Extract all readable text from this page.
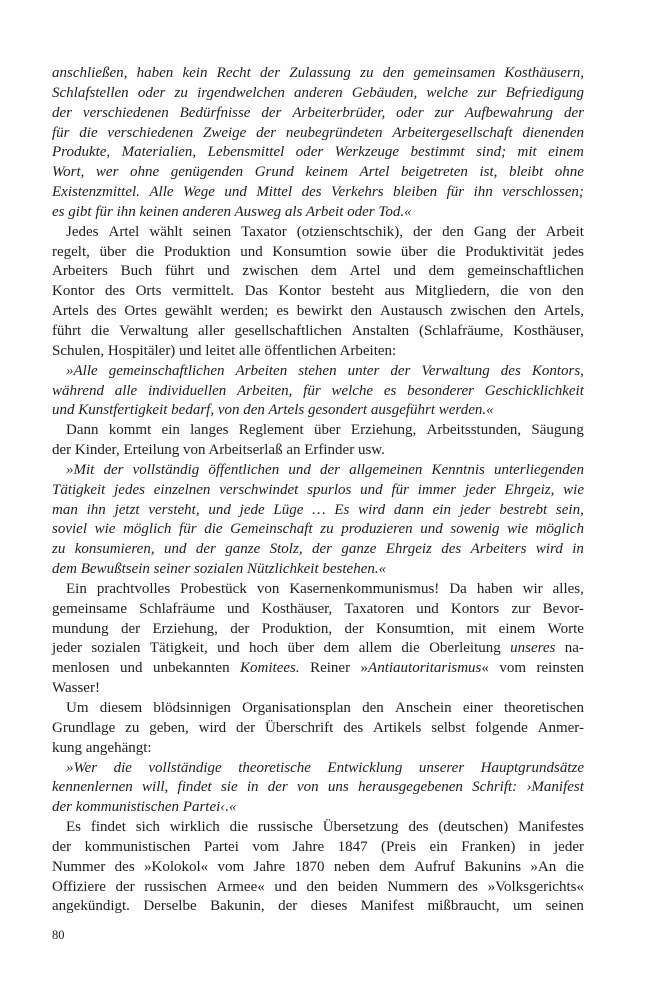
anschließen, haben kein Recht der Zulassung zu den gemeinsamen Kosthäusern,
Schlafstellen oder zu irgendwelchen anderen Gebäuden, welche zur Befriedigung
der verschiedenen Bedürfnisse der Arbeiterbrüder, oder zur Aufbewahrung der
für die verschiedenen Zweige der neubegründeten Arbeitergesellschaft dienenden
Produkte, Materialien, Lebensmittel oder Werkzeuge bestimmt sind; mit einem
Wort, wer ohne genügenden Grund keinem Artel beigetreten ist, bleibt ohne
Existenzmittel. Alle Wege und Mittel des Verkehrs bleiben für ihn verschlossen;
es gibt für ihn keinen anderen Ausweg als Arbeit oder Tod.«
Jedes Artel wählt seinen Taxator (otzienschtschik), der den Gang der Arbeit
regelt, über die Produktion und Konsumtion sowie über die Produktivität jedes
Arbeiters Buch führt und zwischen dem Artel und dem gemeinschaftlichen
Kontor des Orts vermittelt. Das Kontor besteht aus Mitgliedern, die von den
Artels des Ortes gewählt werden; es bewirkt den Austausch zwischen den Artels,
führt die Verwaltung aller gesellschaftlichen Anstalten (Schlafräume, Kosthäuser,
Schulen, Hospitäler) und leitet alle öffentlichen Arbeiten:
»Alle gemeinschaftlichen Arbeiten stehen unter der Verwaltung des Kontors,
während alle individuellen Arbeiten, für welche es besonderer Geschicklichkeit
und Kunstfertigkeit bedarf, von den Artels gesondert ausgeführt werden.«
Dann kommt ein langes Reglement über Erziehung, Arbeitsstunden, Säugung
der Kinder, Erteilung von Arbeitserlaß an Erfinder usw.
»Mit der vollständig öffentlichen und der allgemeinen Kenntnis unterliegenden
Tätigkeit jedes einzelnen verschwindet spurlos und für immer jeder Ehrgeiz, wie
man ihn jetzt versteht, und jede Lüge … Es wird dann ein jeder bestrebt sein,
soviel wie möglich für die Gemeinschaft zu produzieren und sowenig wie möglich
zu konsumieren, und der ganze Stolz, der ganze Ehrgeiz des Arbeiters wird in
dem Bewußtsein seiner sozialen Nützlichkeit bestehen.«
Ein prachtvolles Probestück von Kasernenkommunismus! Da haben wir alles,
gemeinsame Schlafräume und Kosthäuser, Taxatoren und Kontors zur Bevor-
mundung der Erziehung, der Produktion, der Konsumtion, mit einem Worte
jeder sozialen Tätigkeit, und hoch über dem allem die Oberleitung unseres na-
menlosen und unbekannten Komitees. Reiner »Antiautoritarismus« vom reinsten
Wasser!
Um diesem blödsinnigen Organisationsplan den Anschein einer theoretischen
Grundlage zu geben, wird der Überschrift des Artikels selbst folgende Anmer-
kung angehängt:
»Wer die vollständige theoretische Entwicklung unserer Hauptgrundsätze
kennenlernen will, findet sie in der von uns herausgegebenen Schrift: ›Manifest
der kommunistischen Partei‹.«
Es findet sich wirklich die russische Übersetzung des (deutschen) Manifestes
der kommunistischen Partei vom Jahre 1847 (Preis ein Franken) in jeder
Nummer des »Kolokol« vom Jahre 1870 neben dem Aufruf Bakunins »An die
Offiziere der russischen Armee« und den beiden Nummern des »Volksgerichts«
angekündigt. Derselbe Bakunin, der dieses Manifest mißbraucht, um seinen
80
